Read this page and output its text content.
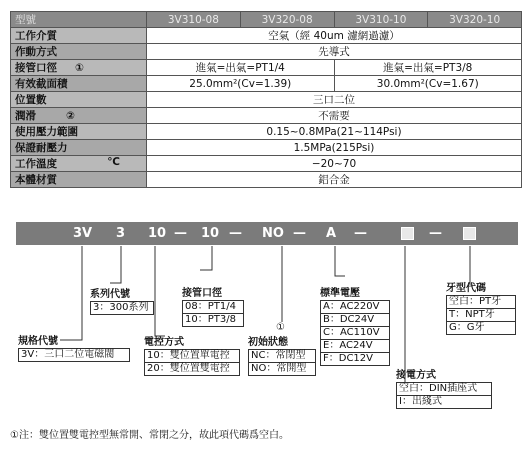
型號	3V310-08	3V320-08	3V310-10	3V320-10
工作介質	空氣（經 40um 濾網過濾）			
作動方式	先導式			
接管口徑 ①	進氣=出氣=PT1/4		進氣=出氣=PT3/8	
有效截面積	25.0mm²(Cv=1.39)		30.0mm²(Cv=1.67)	
位置數	三口二位			
潤滑 ②	不需要			
使用壓力範圍	0.15~0.8MPa(21~114Psi)			
保證耐壓力	1.5MPa(215Psi)			
工作溫度 ℃	−20~70			
本體材質	鋁合金			
3V 3 10 — 10 — NO — A —	—
系列代號
3：300系列
接管口徑
08：PT1/4
10：PT3/8
標準電壓
A：AC220V
B：DC24V
C：AC110V
E：AC24V
F：DC12V
牙型代碼
空白：PT牙
T：NPT牙
G：G牙
規格代號
3V：三口二位電磁閥
電控方式
10：雙位置單電控
20：雙位置雙電控
①
初始狀態
NC：常閉型
NO：常開型
接電方式
空白：DIN插座式
I：出綫式
①注：雙位置雙電控型無常開、常閉之分，故此項代碼爲空白。
